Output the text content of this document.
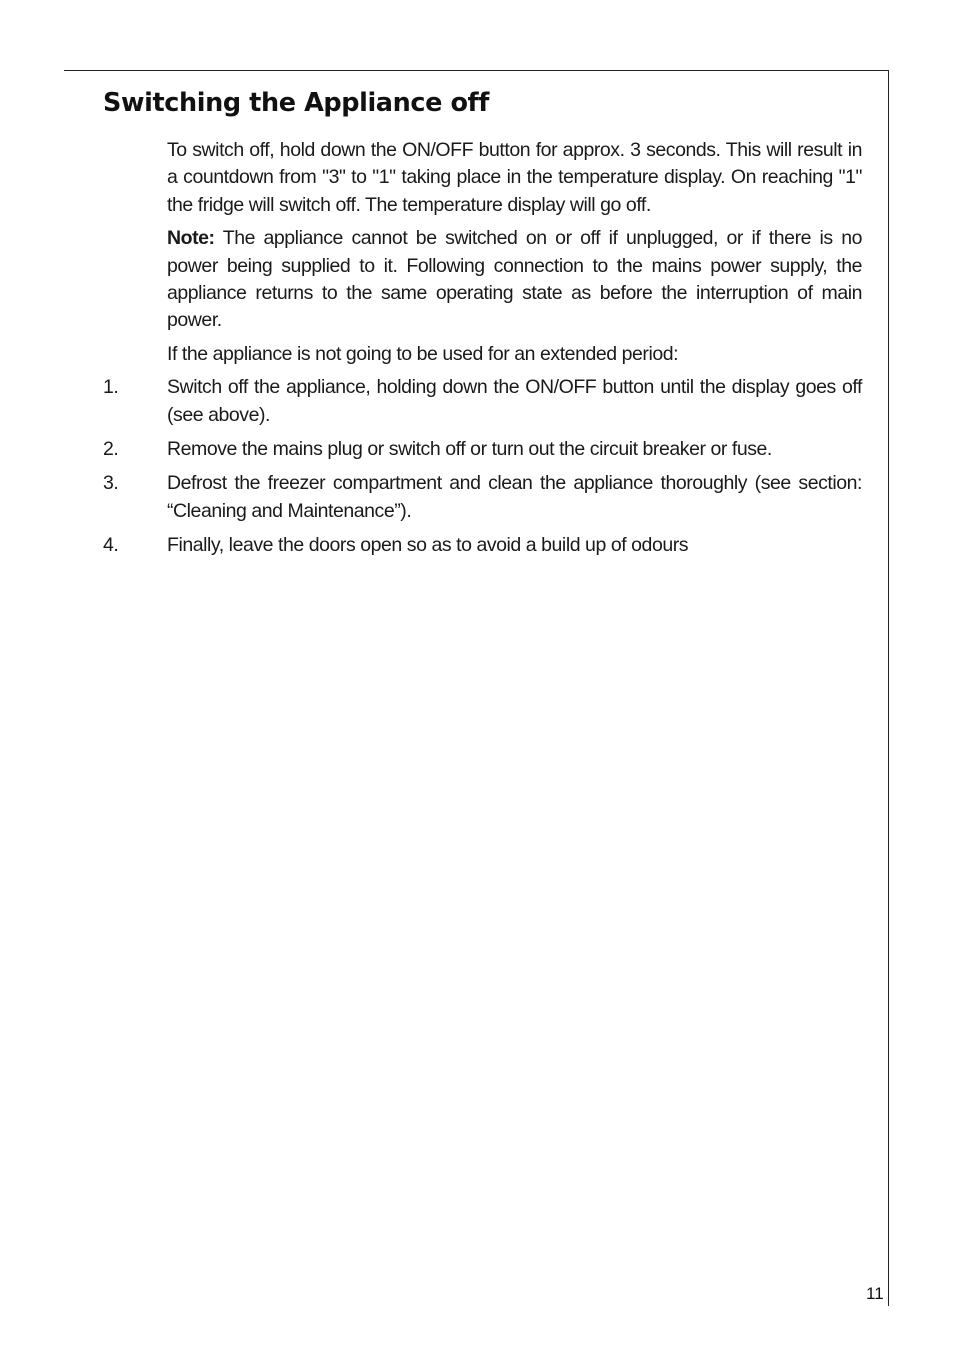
Switching the Appliance off

To switch off, hold down the ON/OFF button for approx. 3 seconds. This will result in a countdown from "3" to "1" taking place in the temperature display. On reaching "1" the fridge will switch off. The temperature display will go off.

Note: The appliance cannot be switched on or off if unplugged, or if there is no power being supplied to it. Following connection to the mains power supply, the appliance returns to the same operating state as before the interruption of main power.

If the appliance is not going to be used for an extended period:

1. Switch off the appliance, holding down the ON/OFF button until the display goes off (see above).
2. Remove the mains plug or switch off or turn out the circuit breaker or fuse.
3. Defrost the freezer compartment and clean the appliance thoroughly (see section: “Cleaning and Maintenance”).
4. Finally, leave the doors open so as to avoid a build up of odours
11
